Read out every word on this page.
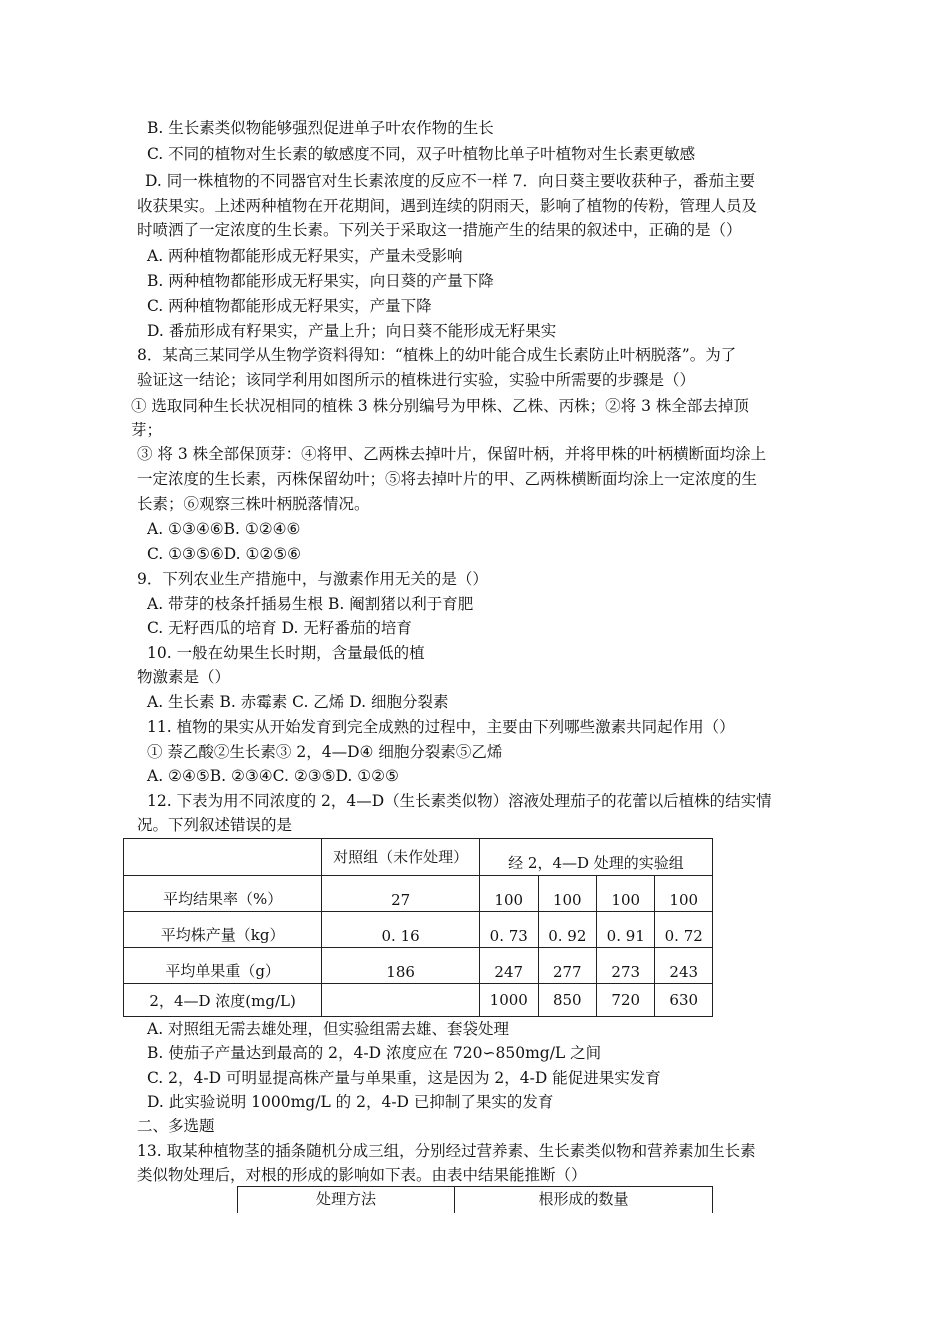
B. 生长素类似物能够强烈促进单子叶农作物的生长
C. 不同的植物对生长素的敏感度不同，双子叶植物比单子叶植物对生长素更敏感
D. 同一株植物的不同器官对生长素浓度的反应不一样 7．向日葵主要收获种子，番茄主要
收获果实。上述两种植物在开花期间，遇到连续的阴雨天，影响了植物的传粉，管理人员及
时喷洒了一定浓度的生长素。下列关于采取这一措施产生的结果的叙述中，正确的是（）
A. 两种植物都能形成无籽果实，产量未受影响
B. 两种植物都能形成无籽果实，向日葵的产量下降
C. 两种植物都能形成无籽果实，产量下降
D. 番茄形成有籽果实，产量上升；向日葵不能形成无籽果实
8．某高三某同学从生物学资料得知：“植株上的幼叶能合成生长素防止叶柄脱落”。为了
验证这一结论；该同学利用如图所示的植株进行实验，实验中所需要的步骤是（）
① 选取同种生长状况相同的植株 3 株分别编号为甲株、乙株、丙株；②将 3 株全部去掉顶
芽；
③ 将 3 株全部保顶芽：④将甲、乙两株去掉叶片，保留叶柄，并将甲株的叶柄横断面均涂上
一定浓度的生长素，丙株保留幼叶；⑤将去掉叶片的甲、乙两株横断面均涂上一定浓度的生
长素；⑥观察三株叶柄脱落情况。
A. ①③④⑥B. ①②④⑥
C. ①③⑤⑥D. ①②⑤⑥
9．下列农业生产措施中，与激素作用无关的是（）
A. 带芽的枝条扦插易生根 B. 阉割猪以利于育肥
C. 无籽西瓜的培育 D. 无籽番茄的培育
10. 一般在幼果生长时期，含量最低的植
物激素是（）
A. 生长素 B. 赤霉素 C. 乙烯 D. 细胞分裂素
11. 植物的果实从开始发育到完全成熟的过程中，主要由下列哪些激素共同起作用（）
① 萘乙酸②生长素③ 2，4—D④ 细胞分裂素⑤乙烯
A. ②④⑤B. ②③④C. ②③⑤D. ①②⑤
12. 下表为用不同浓度的 2，4—D（生长素类似物）溶液处理茄子的花蕾以后植株的结实情
况。下列叙述错误的是
	对照组（未作处理）	经 2，4—D 处理的实验组			
平均结果率（%）	27	100	100	100	100
平均株产量（kg）	0. 16	0. 73	0. 92	0. 91	0. 72
平均单果重（g）	186	247	277	273	243
2，4—D 浓度(mg/L)		1000	850	720	630
A. 对照组无需去雄处理，但实验组需去雄、套袋处理
B. 使茄子产量达到最高的 2，4-D 浓度应在 720∽850mg/L 之间
C. 2，4-D 可明显提高株产量与单果重，这是因为 2，4-D 能促进果实发育
D. 此实验说明 1000mg/L 的 2，4-D 已抑制了果实的发育
二、多选题
13. 取某种植物茎的插条随机分成三组，分别经过营养素、生长素类似物和营养素加生长素
类似物处理后，对根的形成的影响如下表。由表中结果能推断（）
处理方法	根形成的数量
